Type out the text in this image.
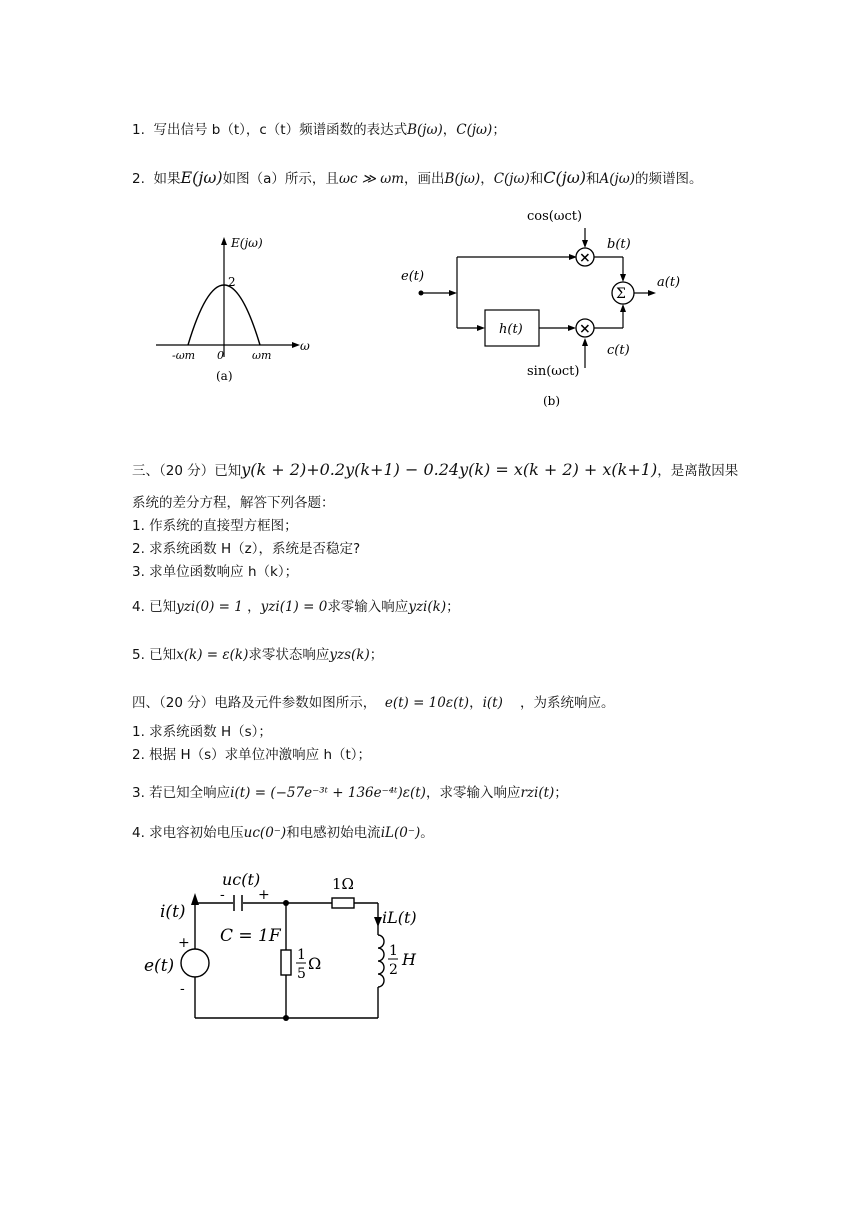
1. 写出信号 b（t），c（t）频谱函数的表达式B(jω)，C(jω)；
2. 如果E(jω)如图（a）所示，且ωc ≫ ωm，画出B(jω)，C(jω)和C(jω)和A(jω)的频谱图。
E(jω)
2
ω
-ωm 0	ωm
(a)
e(t)
h(t)
×
×
cos(ωct)
sin(ωct)
b(t)
c(t)
Σ
a(t)
(b)
三、（20 分）已知y(k + 2)+0.2y(k+1) − 0.24y(k) = x(k + 2) + x(k+1)，是离散因果
系统的差分方程，解答下列各题：
1. 作系统的直接型方框图；
2. 求系统函数 H（z），系统是否稳定?
3. 求单位函数响应 h（k）；
4. 已知yzi(0) = 1 ，yzi(1) = 0求零输入响应yzi(k)；
5. 已知x(k) = ε(k)求零状态响应yzs(k)；
四、（20 分）电路及元件参数如图所示， e(t) = 10ε(t)，i(t) ，为系统响应。
1. 求系统函数 H（s）；
2. 根据 H（s）求单位冲激响应 h（t）；
3. 若已知全响应i(t) = (−57e⁻³ᵗ + 136e⁻⁴ᵗ)ε(t)，求零输入响应rzi(t)；
4. 求电容初始电压uc(0⁻)和电感初始电流iL(0⁻)。
i(t)
+
e(t)
-
uc(t)
- +
C = 1F
1Ω
iL(t)
1
5
Ω
1
2
H
